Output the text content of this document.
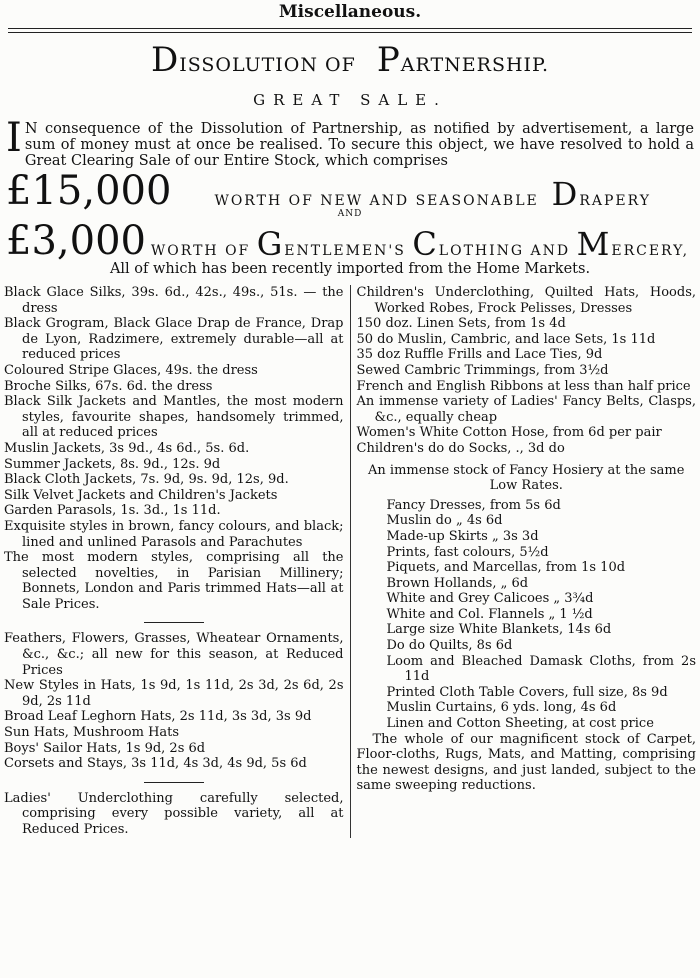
Miscellaneous.
DISSOLUTION OF PARTNERSHIP.
GREAT SALE.
I N consequence of the Dissolution of Partnership, as notified by advertisement, a large sum of money must at once be realised. To secure this object, we have resolved to hold a Great Clearing Sale of our Entire Stock, which comprises
£15,000	WORTH OF NEW AND SEASONABLE DRAPERY
AND
£3,000 WORTH OF GENTLEMEN'S CLOTHING AND MERCERY,
All of which has been recently imported from the Home Markets.
Black Glace Silks, 39s. 6d., 42s., 49s., 51s. — the dress
Black Grogram, Black Glace Drap de France, Drap de Lyon, Radzimere, extremely durable—all at reduced prices
Coloured Stripe Glaces, 49s. the dress
Broche Silks, 67s. 6d. the dress
Black Silk Jackets and Mantles, the most modern styles, favourite shapes, handsomely trimmed, all at reduced prices
Muslin Jackets, 3s 9d., 4s 6d., 5s. 6d.
Summer Jackets, 8s. 9d., 12s. 9d
Black Cloth Jackets, 7s. 9d, 9s. 9d, 12s, 9d.
Silk Velvet Jackets and Children's Jackets
Garden Parasols, 1s. 3d., 1s 11d.
Exquisite styles in brown, fancy colours, and black; lined and unlined Parasols and Parachutes
The most modern styles, comprising all the selected novelties, in Parisian Millinery; Bonnets, London and Paris trimmed Hats—all at Sale Prices.
Feathers, Flowers, Grasses, Wheatear Ornaments, &c., &c.; all new for this season, at Reduced Prices
New Styles in Hats, 1s 9d, 1s 11d, 2s 3d, 2s 6d, 2s 9d, 2s 11d
Broad Leaf Leghorn Hats, 2s 11d, 3s 3d, 3s 9d
Sun Hats, Mushroom Hats
Boys' Sailor Hats, 1s 9d, 2s 6d
Corsets and Stays, 3s 11d, 4s 3d, 4s 9d, 5s 6d
Ladies' Underclothing carefully selected, comprising every possible variety, all at Reduced Prices.
Children's Underclothing, Quilted Hats, Hoods, Worked Robes, Frock Pelisses, Dresses
150 doz. Linen Sets, from 1s 4d
50 do Muslin, Cambric, and lace Sets, 1s 11d
35 doz Ruffle Frills and Lace Ties, 9d
Sewed Cambric Trimmings, from 3½d
French and English Ribbons at less than half price
An immense variety of Ladies' Fancy Belts, Clasps, &c., equally cheap
Women's White Cotton Hose, from 6d per pair
Children's do do Socks, ., 3d do
An immense stock of Fancy Hosiery at the same Low Rates.
Fancy Dresses, from 5s 6d
Muslin do „ 4s 6d
Made-up Skirts „ 3s 3d
Prints, fast colours, 5½d
Piquets, and Marcellas, from 1s 10d
Brown Hollands, „ 6d
White and Grey Calicoes „ 3¾d
White and Col. Flannels „ 1 ½d
Large size White Blankets, 14s 6d
Do do Quilts, 8s 6d
Loom and Bleached Damask Cloths, from 2s 11d
Printed Cloth Table Covers, full size, 8s 9d
Muslin Curtains, 6 yds. long, 4s 6d
Linen and Cotton Sheeting, at cost price
The whole of our magnificent stock of Carpet, Floor-cloths, Rugs, Mats, and Matting, comprising the newest designs, and just landed, subject to the same sweeping reductions.
